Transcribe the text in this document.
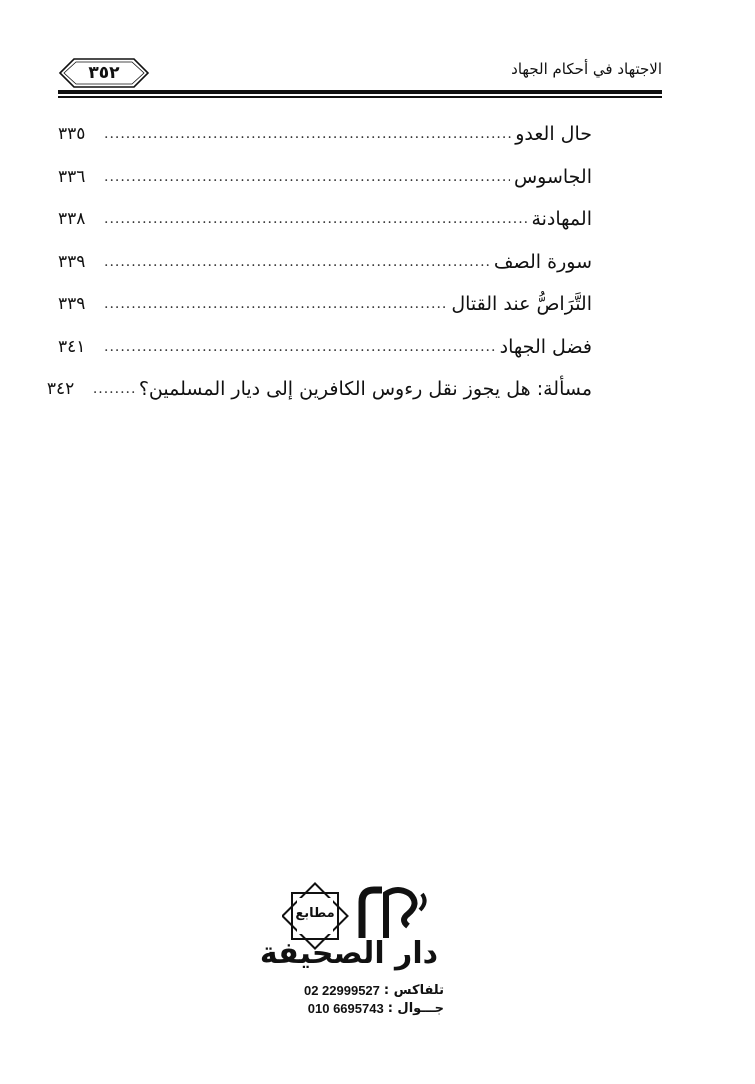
الاجتهاد في أحكام الجهاد
٣٥٢
حال العدو
.....
٣٣٥
الجاسوس
.....
٣٣٦
المهادنة
.....
٣٣٨
سورة الصف
.....
٣٣٩
التَّرَاصُّ عند القتال
.....
٣٣٩
فضل الجهاد
.....
٣٤١
مسألة: هل يجوز نقل رءوس الكافرين إلى ديار المسلمين؟
.....
٣٤٢
مطابع
دار الصحيفة
تلفاكس :
02 22999527
جـــوال :
010 6695743
